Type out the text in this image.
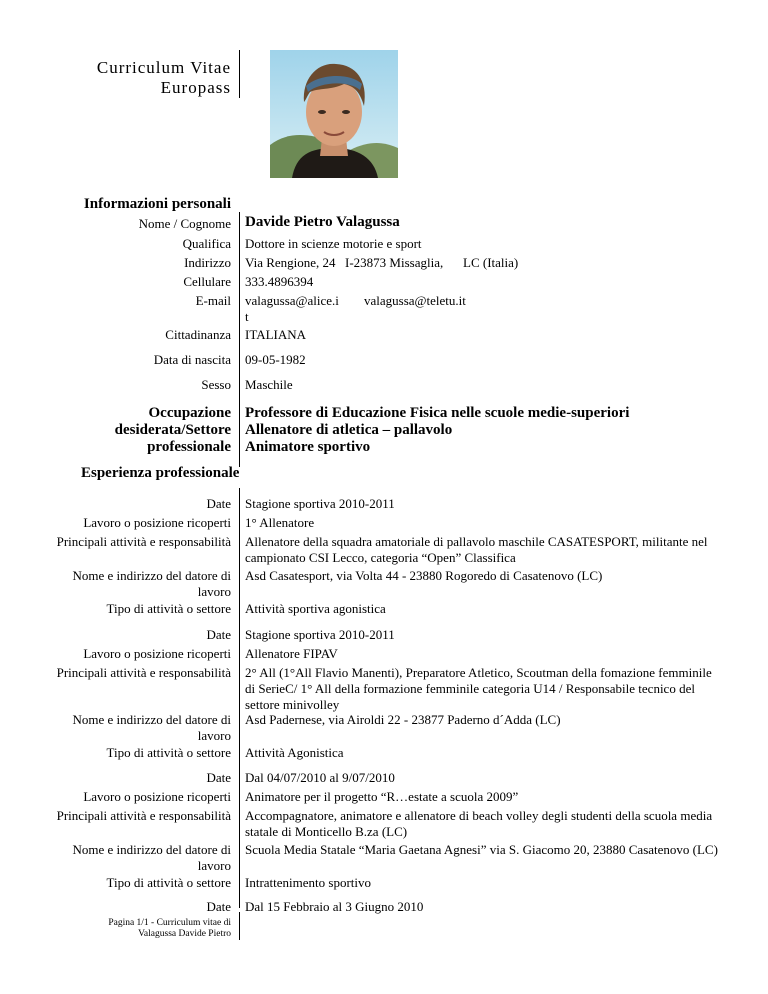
Curriculum Vitae
Europass
Informazioni personali
Nome / Cognome Davide Pietro Valagussa
Qualifica Dottore in scienze motorie e sport
Indirizzo Via Rengione, 24 I-23873 Missaglia,	LC (Italia)
Cellulare 333.4896394
E-mail valagussa@alice.i
t
valagussa@teletu.it
Cittadinanza ITALIANA
Data di nascita 09-05-1982
Sesso Maschile
Occupazione
desiderata/Settore
professionale
Professore di Educazione Fisica nelle scuole medie-superiori
Allenatore di atletica – pallavolo
Animatore sportivo
Esperienza professionale
Date Stagione sportiva 2010-2011
Lavoro o posizione ricoperti 1° Allenatore
Principali attività e responsabilità Allenatore della squadra amatoriale di pallavolo maschile CASATESPORT, militante nel campionato CSI Lecco, categoria “Open” Classifica
Nome e indirizzo del datore di
lavoro
Asd Casatesport, via Volta 44 - 23880 Rogoredo di Casatenovo (LC)
Tipo di attività o settore Attività sportiva agonistica
Date Stagione sportiva 2010-2011
Lavoro o posizione ricoperti Allenatore FIPAV
Principali attività e responsabilità 2° All (1°All Flavio Manenti), Preparatore Atletico, Scoutman della fomazione femminile di SerieC/ 1° All della formazione femminile categoria U14 / Responsabile tecnico del settore minivolley
Nome e indirizzo del datore di
lavoro
Asd Padernese, via Airoldi 22 - 23877 Paderno d´Adda (LC)
Tipo di attività o settore Attività Agonistica
Date Dal 04/07/2010 al 9/07/2010
Lavoro o posizione ricoperti Animatore per il progetto “R…estate a scuola 2009”
Principali attività e responsabilità Accompagnatore, animatore e allenatore di beach volley degli studenti della scuola media statale di Monticello B.za (LC)
Nome e indirizzo del datore di
lavoro
Scuola Media Statale “Maria Gaetana Agnesi” via S. Giacomo 20, 23880 Casatenovo (LC)
Tipo di attività o settore Intrattenimento sportivo
Date Dal 15 Febbraio al 3 Giugno 2010
Pagina 1/1 - Curriculum vitae di
Valagussa Davide Pietro
